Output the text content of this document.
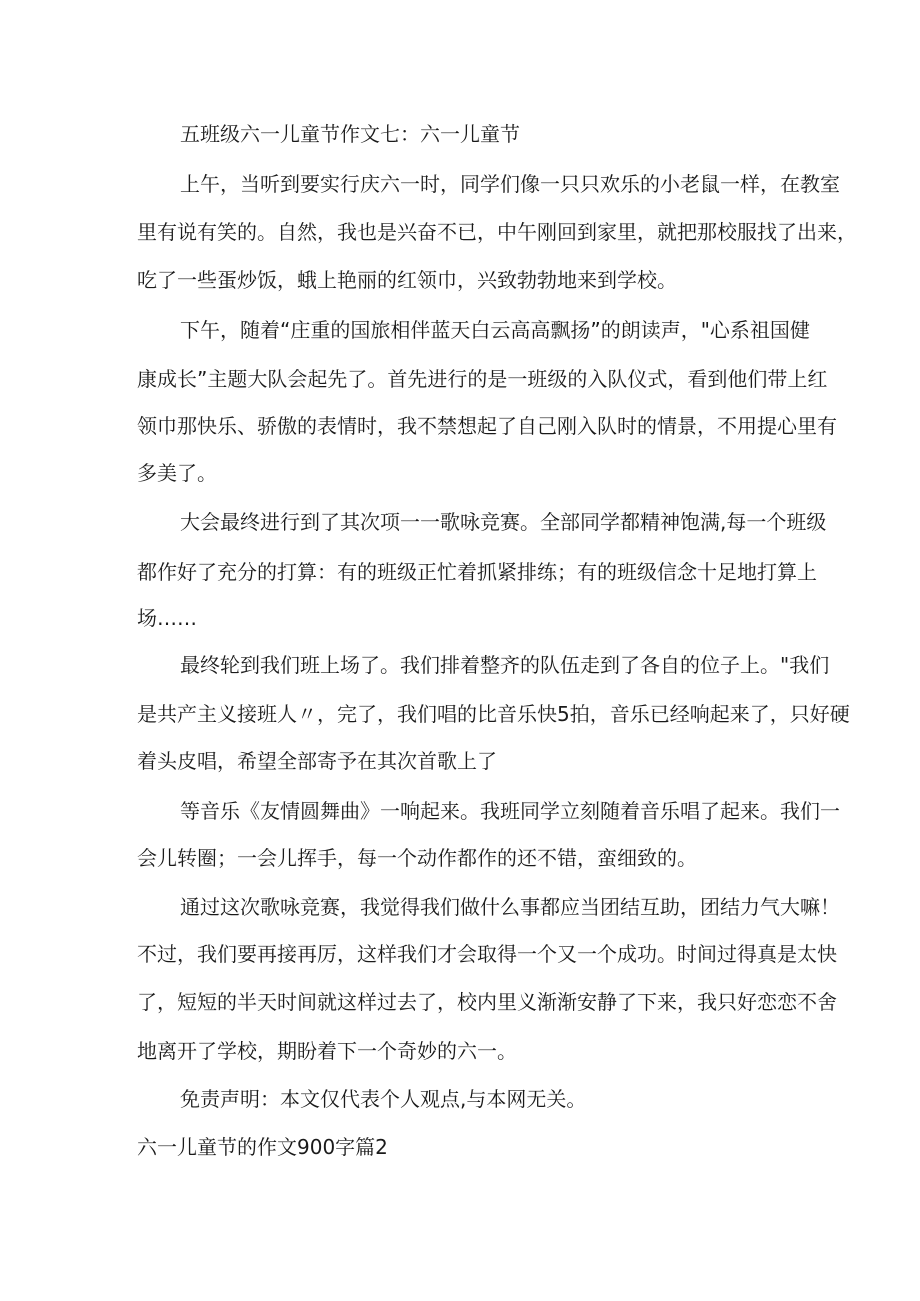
五班级六一儿童节作文七：六一儿童节
上午，当听到要实行庆六一时，同学们像一只只欢乐的小老鼠一样，在教室
里有说有笑的。自然，我也是兴奋不已，中午刚回到家里，就把那校服找了出来，
吃了一些蛋炒饭，蛾上艳丽的红领巾，兴致勃勃地来到学校。
下午，随着“庄重的国旅相伴蓝天白云高高飘扬”的朗读声，"心系祖国健
康成长”主题大队会起先了。首先进行的是一班级的入队仪式，看到他们带上红
领巾那快乐、骄傲的表情时，我不禁想起了自己刚入队时的情景，不用提心里有
多美了。
大会最终进行到了其次项一一歌咏竞赛。全部同学都精神饱满,每一个班级
都作好了充分的打算：有的班级正忙着抓紧排练；有的班级信念十足地打算上
场……
最终轮到我们班上场了。我们排着整齐的队伍走到了各自的位子上。"我们
是共产主义接班人〃，完了，我们唱的比音乐快5拍，音乐已经响起来了，只好硬
着头皮唱，希望全部寄予在其次首歌上了
等音乐《友情圆舞曲》一响起来。我班同学立刻随着音乐唱了起来。我们一
会儿转圈；一会儿挥手，每一个动作都作的还不错，蛮细致的。
通过这次歌咏竞赛，我觉得我们做什么事都应当团结互助，团结力气大嘛！
不过，我们要再接再厉，这样我们才会取得一个又一个成功。时间过得真是太快
了，短短的半天时间就这样过去了，校内里义渐渐安静了下来，我只好恋恋不舍
地离开了学校，期盼着下一个奇妙的六一。
免责声明：本文仅代表个人观点,与本网无关。
六一儿童节的作文900字篇2
